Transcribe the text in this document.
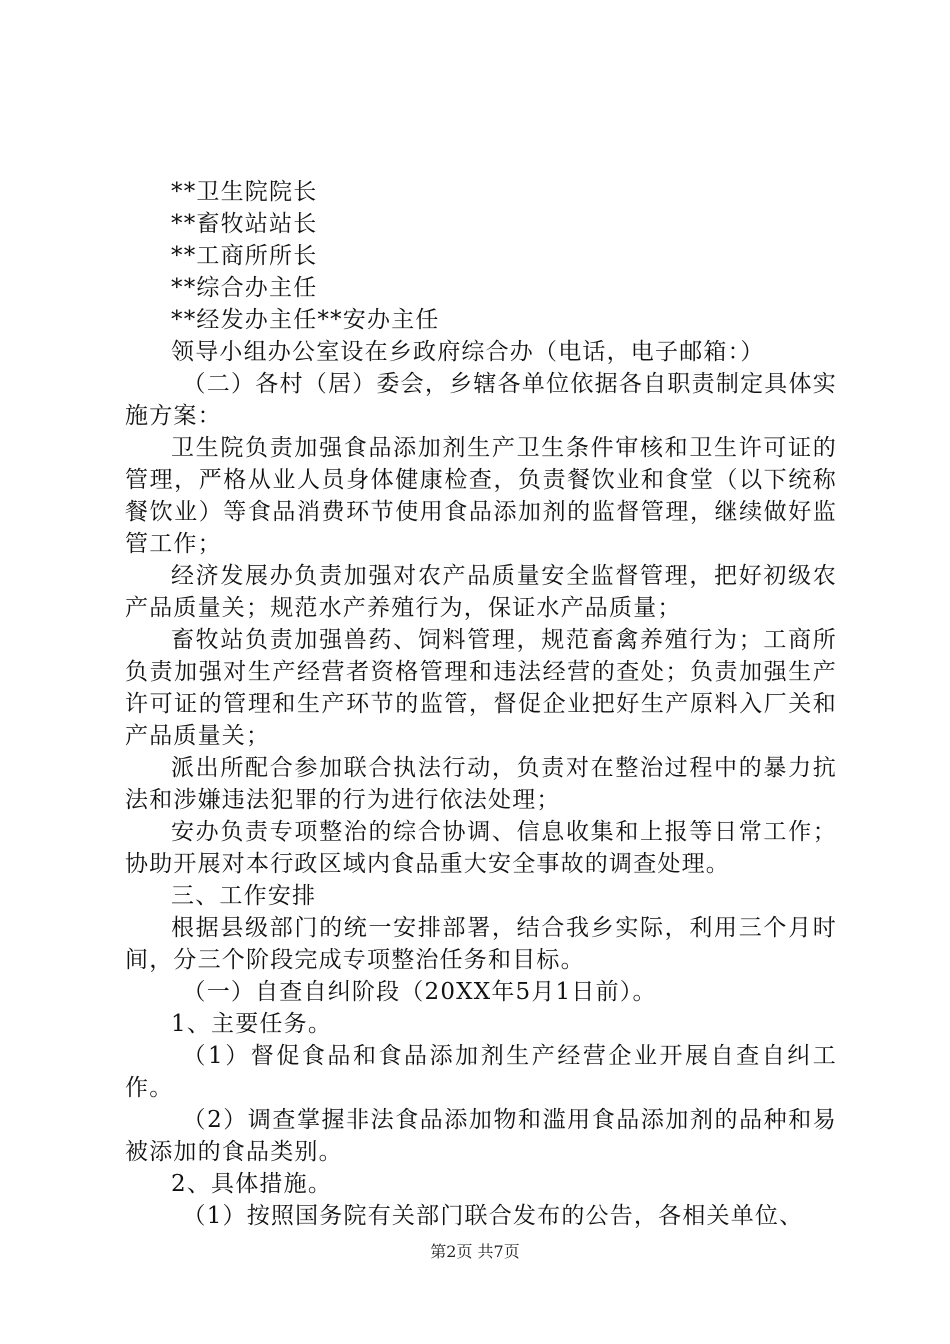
**卫生院院长

**畜牧站站长

**工商所所长

**综合办主任

**经发办主任**安办主任

领导小组办公室设在乡政府综合办（电话，电子邮箱：）

（二）各村（居）委会，乡辖各单位依据各自职责制定具体实施方案：

卫生院负责加强食品添加剂生产卫生条件审核和卫生许可证的管理，严格从业人员身体健康检查，负责餐饮业和食堂（以下统称餐饮业）等食品消费环节使用食品添加剂的监督管理，继续做好监管工作；

经济发展办负责加强对农产品质量安全监督管理，把好初级农产品质量关；规范水产养殖行为，保证水产品质量；

畜牧站负责加强兽药、饲料管理，规范畜禽养殖行为；工商所负责加强对生产经营者资格管理和违法经营的查处；负责加强生产许可证的管理和生产环节的监管，督促企业把好生产原料入厂关和产品质量关；

派出所配合参加联合执法行动，负责对在整治过程中的暴力抗法和涉嫌违法犯罪的行为进行依法处理；

安办负责专项整治的综合协调、信息收集和上报等日常工作；协助开展对本行政区域内食品重大安全事故的调查处理。

三、工作安排

根据县级部门的统一安排部署，结合我乡实际，利用三个月时间，分三个阶段完成专项整治任务和目标。

（一）自查自纠阶段（20XX年5月1日前）。

1、主要任务。

（1）督促食品和食品添加剂生产经营企业开展自查自纠工作。

（2）调查掌握非法食品添加物和滥用食品添加剂的品种和易被添加的食品类别。

2、具体措施。

（1）按照国务院有关部门联合发布的公告，各相关单位、

第2页 共7页
